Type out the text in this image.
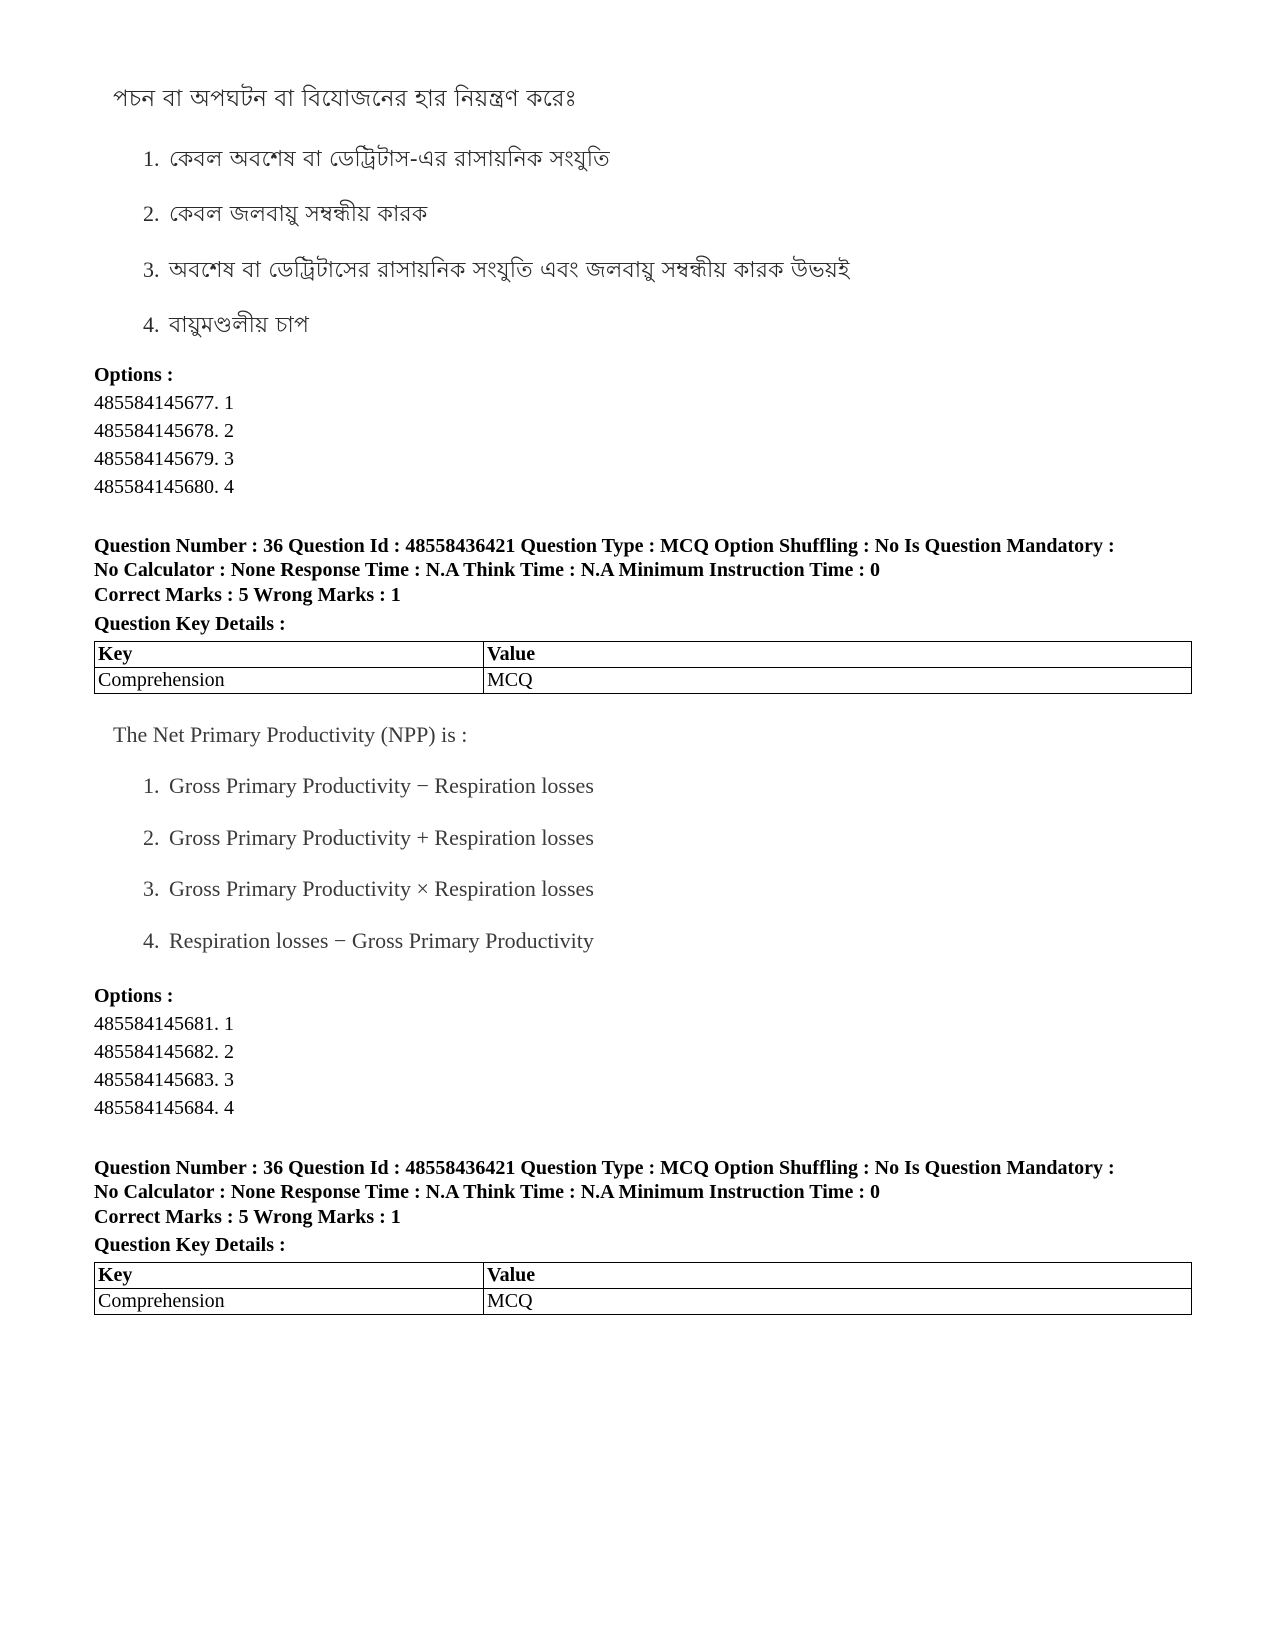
পচন বা অপঘটন বা বিযোজনের হার নিয়ন্ত্রণ করেঃ
1. কেবল অবশেষ বা ডেট্রিটাস-এর রাসায়নিক সংযুতি
2. কেবল জলবায়ু সম্বন্ধীয় কারক
3. অবশেষ বা ডেট্রিটাসের রাসায়নিক সংযুতি এবং জলবায়ু সম্বন্ধীয় কারক উভয়ই
4. বায়ুমণ্ডলীয় চাপ
Options :
485584145677. 1
485584145678. 2
485584145679. 3
485584145680. 4
Question Number : 36 Question Id : 48558436421 Question Type : MCQ Option Shuffling : No Is Question Mandatory :
No Calculator : None Response Time : N.A Think Time : N.A Minimum Instruction Time : 0
Correct Marks : 5 Wrong Marks : 1
Question Key Details :
Key	Value
Comprehension	MCQ
The Net Primary Productivity (NPP) is :
1. Gross Primary Productivity − Respiration losses
2. Gross Primary Productivity + Respiration losses
3. Gross Primary Productivity × Respiration losses
4. Respiration losses − Gross Primary Productivity
Options :
485584145681. 1
485584145682. 2
485584145683. 3
485584145684. 4
Question Number : 36 Question Id : 48558436421 Question Type : MCQ Option Shuffling : No Is Question Mandatory :
No Calculator : None Response Time : N.A Think Time : N.A Minimum Instruction Time : 0
Correct Marks : 5 Wrong Marks : 1
Question Key Details :
Key	Value
Comprehension	MCQ
